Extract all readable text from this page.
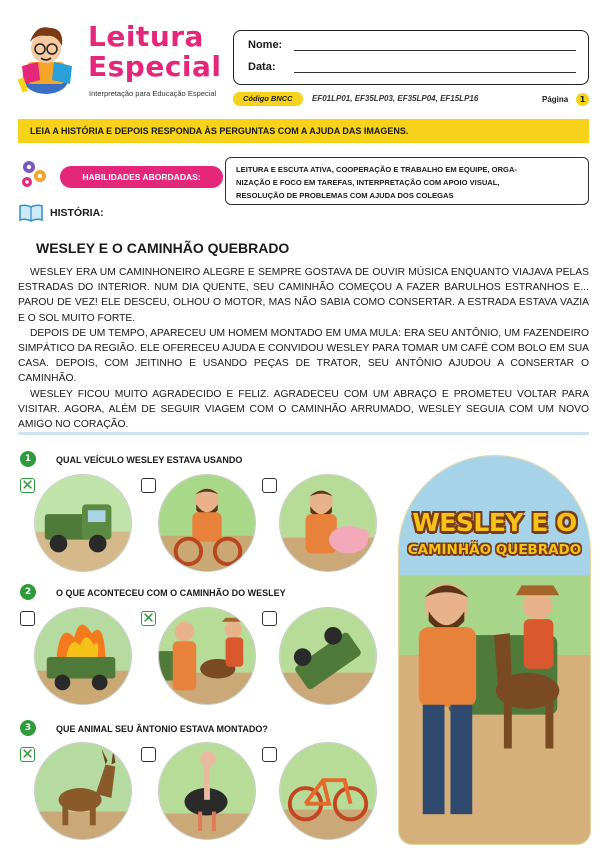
Leitura
Especial
Interpretação para Educação Especial
Nome:
Data:
Código BNCC	EF01LP01, EF35LP03, EF35LP04, EF15LP16	Página	1
LEIA A HISTÓRIA E DEPOIS RESPONDA ÀS PERGUNTAS COM A AJUDA DAS IMAGENS.
HABILIDADES ABORDADAS:
LEITURA E ESCUTA ATIVA, COOPERAÇÃO E TRABALHO EM EQUIPE, ORGA-
NIZAÇÃO E FOCO EM TAREFAS, INTERPRETAÇÃO COM APOIO VISUAL,
RESOLUÇÃO DE PROBLEMAS COM AJUDA DOS COLEGAS
HISTÓRIA:
WESLEY E O CAMINHÃO QUEBRADO

WESLEY ERA UM CAMINHONEIRO ALEGRE E SEMPRE GOSTAVA DE OUVIR MÚSICA ENQUANTO VIAJAVA PELAS ESTRADAS DO INTERIOR. NUM DIA QUENTE, SEU CAMINHÃO COMEÇOU A FAZER BARULHOS ESTRANHOS E... PAROU DE VEZ! ELE DESCEU, OLHOU O MOTOR, MAS NÃO SABIA COMO CONSERTAR. A ESTRADA ESTAVA VAZIA E O SOL MUITO FORTE.

DEPOIS DE UM TEMPO, APARECEU UM HOMEM MONTADO EM UMA MULA: ERA SEU ANTÔNIO, UM FAZENDEIRO SIMPÁTICO DA REGIÃO. ELE OFERECEU AJUDA E CONVIDOU WESLEY PARA TOMAR UM CAFÉ COM BOLO EM SUA CASA. DEPOIS, COM JEITINHO E USANDO PEÇAS DE TRATOR, SEU ANTÔNIO AJUDOU A CONSERTAR O CAMINHÃO.

WESLEY FICOU MUITO AGRADECIDO E FELIZ. AGRADECEU COM UM ABRAÇO E PROMETEU VOLTAR PARA VISITAR. AGORA, ALÉM DE SEGUIR VIAGEM COM O CAMINHÃO ARRUMADO, WESLEY SEGUIA COM UM NOVO AMIGO NO CORAÇÃO.

1	QUAL VEÍCULO WESLEY ESTAVA USANDO
✕
2	O QUE ACONTECEU COM O CAMINHÃO DO WESLEY
✕
3	QUE ANIMAL SEU ÂNTONIO ESTAVA MONTADO?
✕
WESLEY E O
CAMINHÃO QUEBRADO
